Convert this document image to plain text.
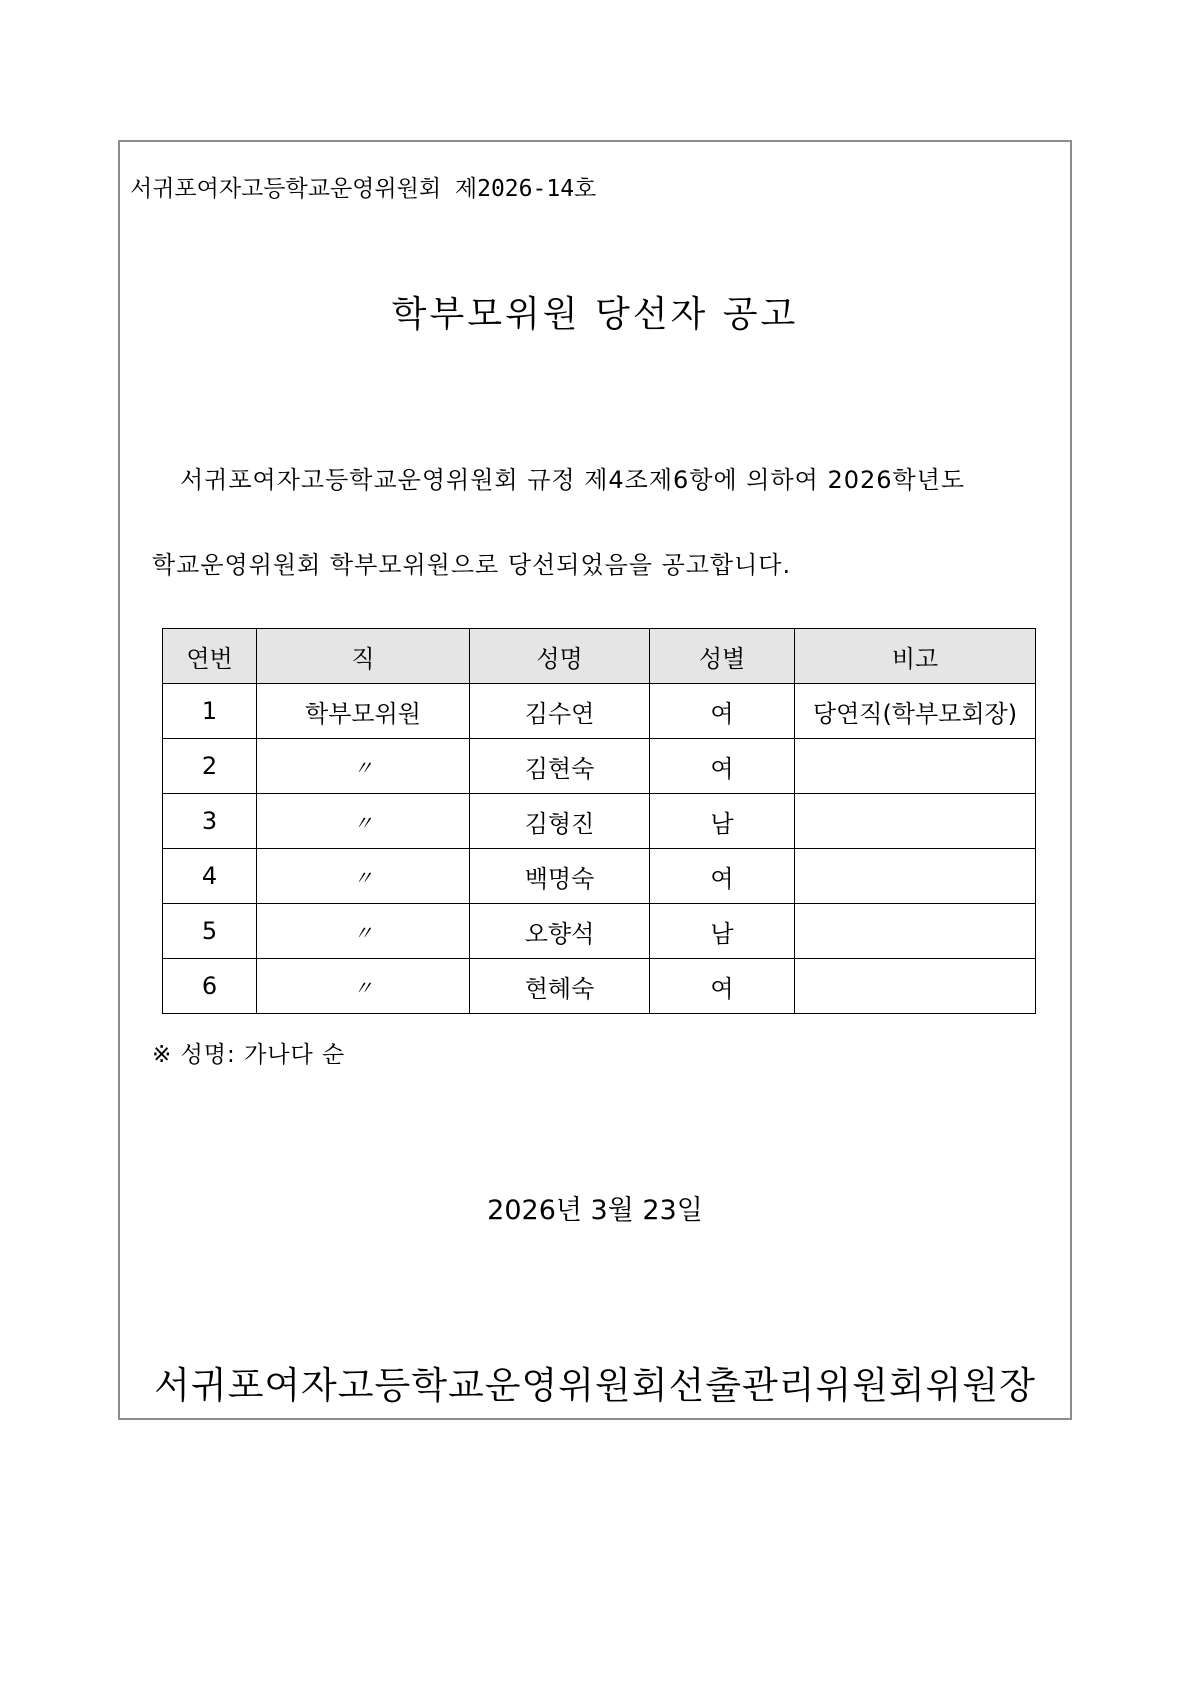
서귀포여자고등학교운영위원회 제2026-14호
학부모위원 당선자 공고
서귀포여자고등학교운영위원회 규정 제4조제6항에 의하여 2026학년도
학교운영위원회 학부모위원으로 당선되었음을 공고합니다.
연번	직	성명	성별	비고
1	학부모위원	김수연	여	당연직(학부모회장)
2	〃	김현숙	여	
3	〃	김형진	남	
4	〃	백명숙	여	
5	〃	오향석	남	
6	〃	현혜숙	여	
※ 성명: 가나다 순
2026년 3월 23일
서귀포여자고등학교운영위원회선출관리위원회위원장
